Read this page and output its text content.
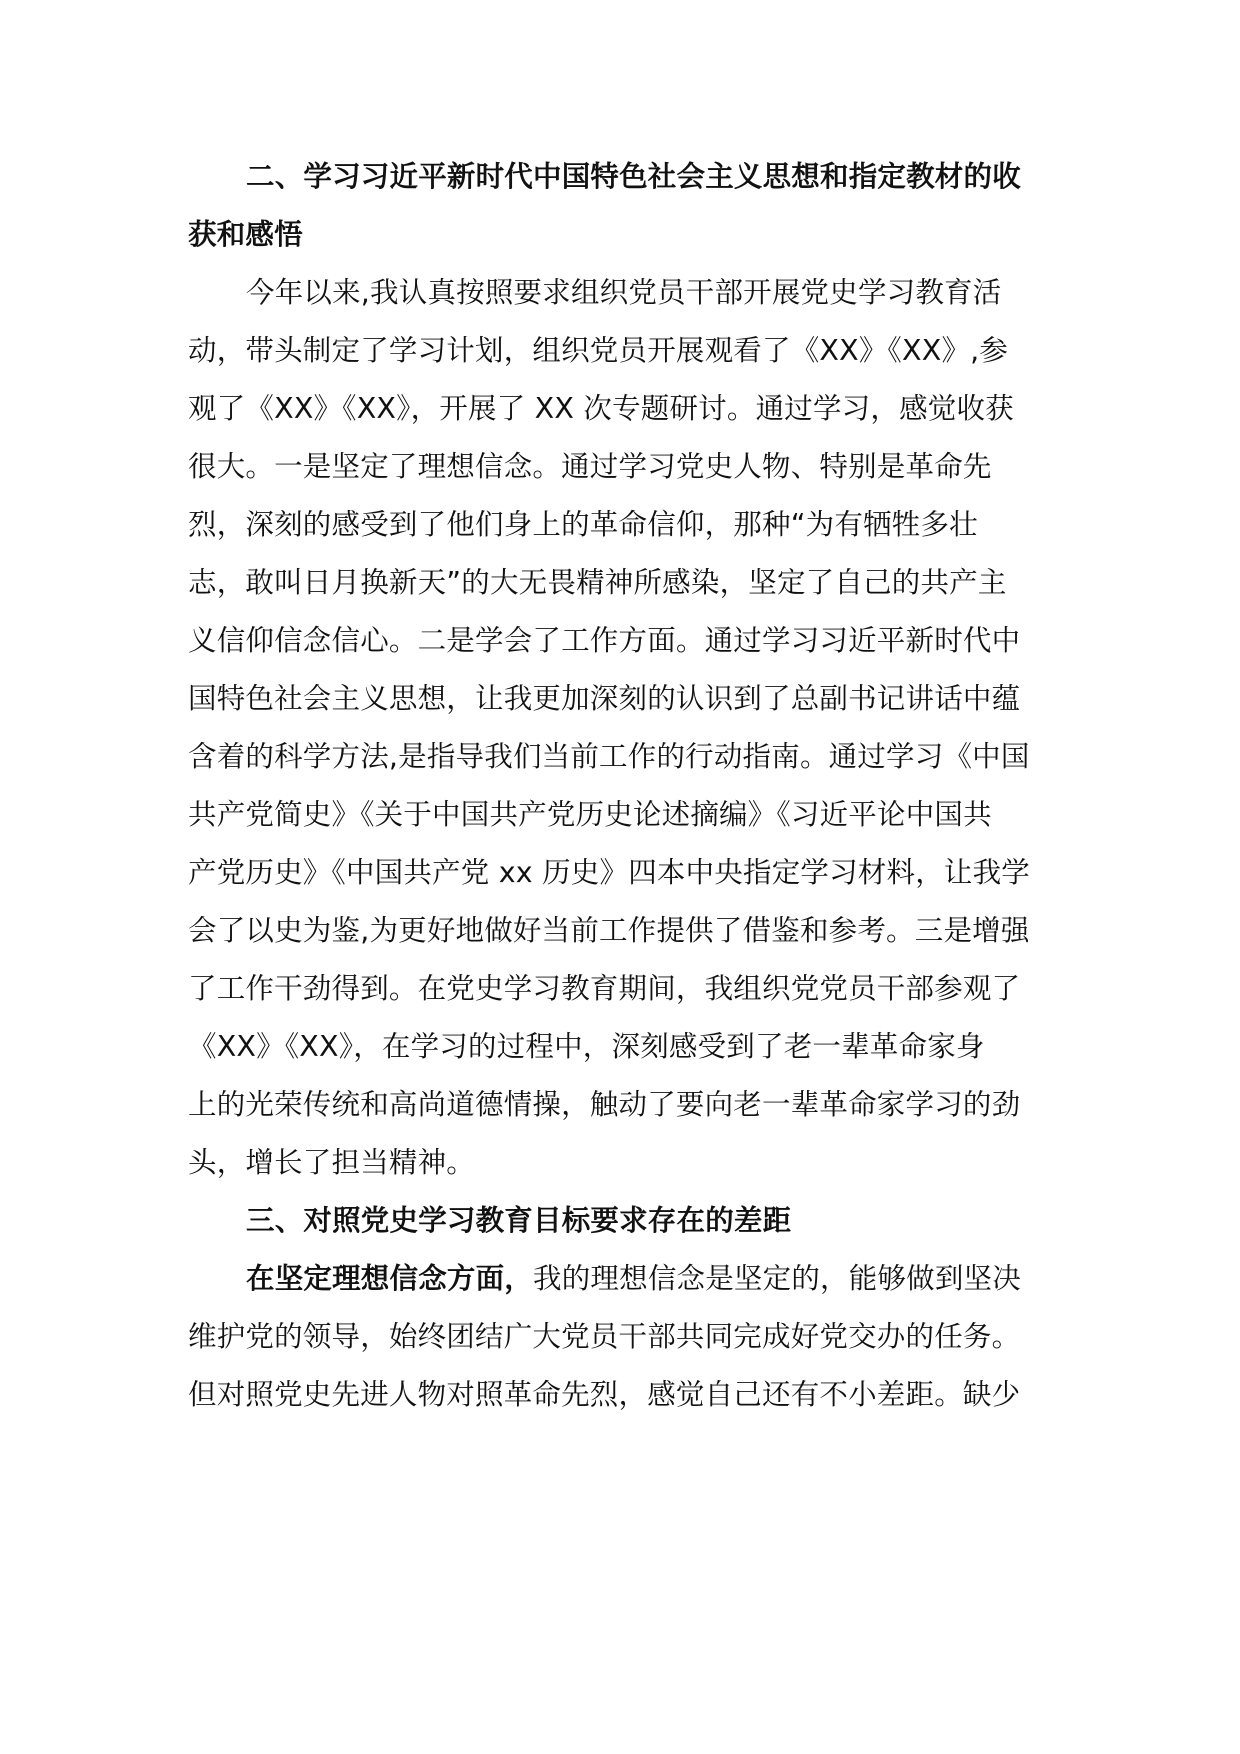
二、学习习近平新时代中国特色社会主义思想和指定教材的收
获和感悟
今年以来,我认真按照要求组织党员干部开展党史学习教育活
动，带头制定了学习计划，组织党员开展观看了《XX》《XX》,参
观了《XX》《XX》，开展了 XX 次专题研讨。通过学习，感觉收获
很大。一是坚定了理想信念。通过学习党史人物、特别是革命先
烈，深刻的感受到了他们身上的革命信仰，那种“为有牺牲多壮
志，敢叫日月换新天”的大无畏精神所感染，坚定了自己的共产主
义信仰信念信心。二是学会了工作方面。通过学习习近平新时代中
国特色社会主义思想，让我更加深刻的认识到了总副书记讲话中蕴
含着的科学方法,是指导我们当前工作的行动指南。通过学习《中国
共产党简史》《关于中国共产党历史论述摘编》《习近平论中国共
产党历史》《中国共产党 xx 历史》四本中央指定学习材料，让我学
会了以史为鉴,为更好地做好当前工作提供了借鉴和参考。三是增强
了工作干劲得到。在党史学习教育期间，我组织党党员干部参观了
《XX》《XX》，在学习的过程中，深刻感受到了老一辈革命家身
上的光荣传统和高尚道德情操，触动了要向老一辈革命家学习的劲
头，增长了担当精神。
三、对照党史学习教育目标要求存在的差距
在坚定理想信念方面，我的理想信念是坚定的，能够做到坚决
维护党的领导，始终团结广大党员干部共同完成好党交办的任务。
但对照党史先进人物对照革命先烈，感觉自己还有不小差距。缺少
